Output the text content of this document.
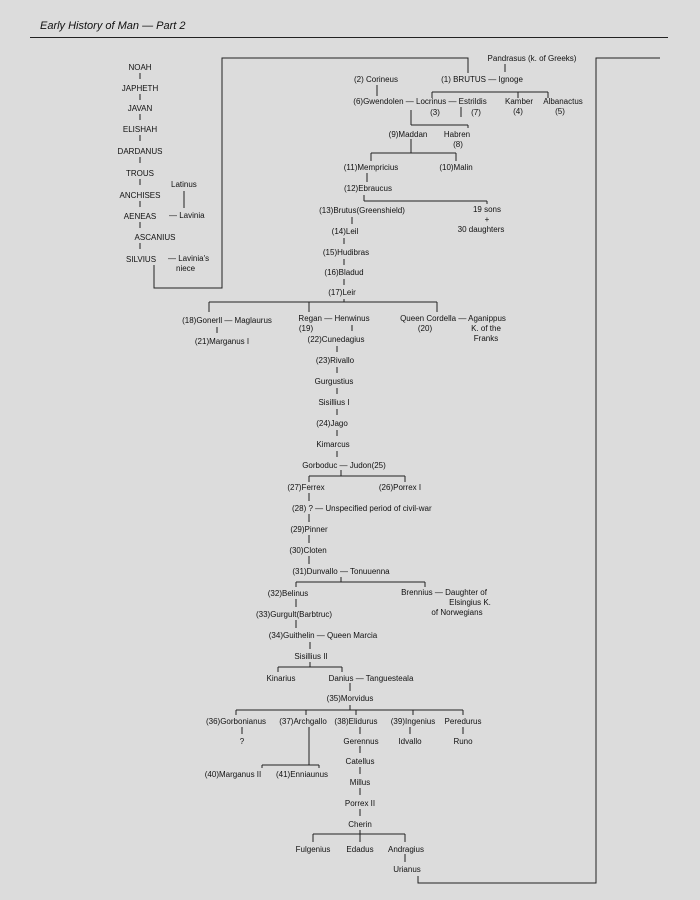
Early History of Man — Part 2
NOAH
JAPHETH
JAVAN
ELISHAH
DARDANUS
TROUS
Latinus
ANCHISES
AENEAS — Lavinia
ASCANIUS
SILVIUS — Lavinia's
niece
Pandrasus (k. of Greeks)
(1) BRUTUS — Ignoge
(2) Corineus
(6)Gwendolen — Locrinus — Estrildis Kamber
(4)
Albanactus
(5)
(3)	(7)
(9)Maddan Habren
(8)
(11)Mempricius	(10)Malin
(12)Ebraucus
(13)Brutus(Greenshield)	19 sons
+
30 daughters
(14)Leil
(15)Hudibras
(16)Bladud
(17)Leir
(18)Gonerll — Maglaurus	Regan — Henwinus
(19)
Queen Cordella — Aganippus
(20)	K. of the
Franks
(21)Marganus I	(22)Cunedagius
(23)Rivallo
Gurgustius
Sisillius I
(24)Jago
Kimarcus
Gorboduc — Judon(25)
(27)Ferrex	(26)Porrex I
(28) ? — Unspecified period of civil-war
(29)Pinner
(30)Cloten
(31)Dunvallo — Tonuuenna
(32)Belinus	Brennius — Daughter of
Elsingius K.
of Norwegians
(33)Gurgult(Barbtruc)
(34)Guithelin — Queen Marcia
Sisillius II
Kinarius	Danius — Tanguesteala
(35)Morvidus
(36)Gorbonianus
?
(37)Archgallo (38)Elidurus (39)Ingenius Peredurus
Gerennus Idvallo	Runo
(40)Marganus II (41)Enniaunus
Catellus
Millus
Porrex II
Cherin
Fulgenius Edadus Andragius
Urianus
